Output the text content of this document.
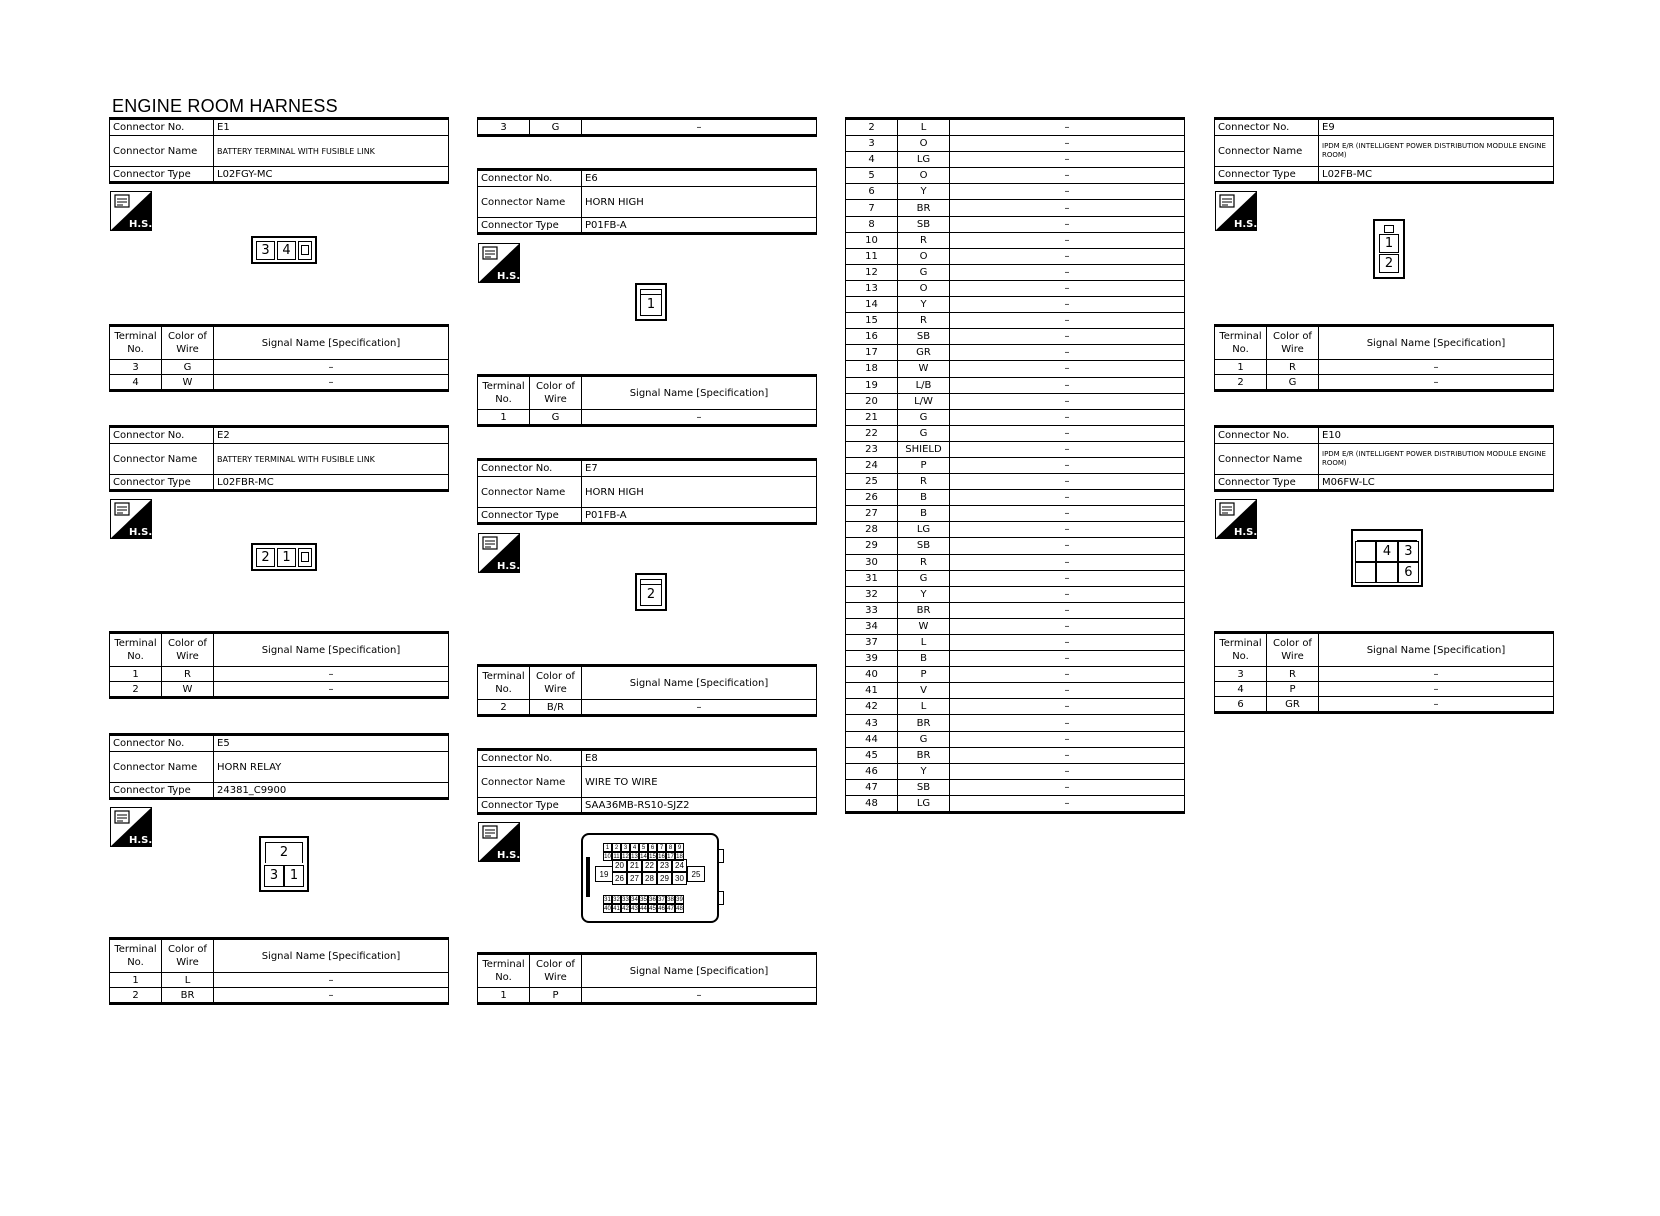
ENGINE ROOM HARNESS
Connector No.	E1
Connector Name	BATTERY TERMINAL WITH FUSIBLE LINK
Connector Type	L02FGY-MC
H.S.
3 4
Terminal No.	Color of Wire	Signal Name [Specification]
3	G	–
4	W	–
Connector No.	E2
Connector Name	BATTERY TERMINAL WITH FUSIBLE LINK
Connector Type	L02FBR-MC
H.S.
2 1
Terminal No.	Color of Wire	Signal Name [Specification]
1	R	–
2	W	–
Connector No.	E5
Connector Name	HORN RELAY
Connector Type	24381_C9900
H.S.
2
3 1
Terminal No.	Color of Wire	Signal Name [Specification]
1	L	–
2	BR	–
3	G	–
Connector No.	E6
Connector Name	HORN HIGH
Connector Type	P01FB-A
H.S.
1
Terminal No.	Color of Wire	Signal Name [Specification]
1	G	–
Connector No.	E7
Connector Name	HORN HIGH
Connector Type	P01FB-A
H.S.
2
Terminal No.	Color of Wire	Signal Name [Specification]
2	B/R	–
Connector No.	E8
Connector Name	WIRE TO WIRE
Connector Type	SAA36MB-RS10-SJZ2
H.S.
1 2 3 4 5 6 7 8 9
10 11 12 13 14 15 16 17 18
19
20 21 22 23 24
26 27 28 29 30 25
31 32 33 34 35 36 37 38 39
40 41 42 43 44 45 46 47 48
Terminal No.	Color of Wire	Signal Name [Specification]
1	P	–
2	L	–
3	O	–
4	LG	–
5	O	–
6	Y	–
7	BR	–
8	SB	–
10	R	–
11	O	–
12	G	–
13	O	–
14	Y	–
15	R	–
16	SB	–
17	GR	–
18	W	–
19	L/B	–
20	L/W	–
21	G	–
22	G	–
23	SHIELD	–
24	P	–
25	R	–
26	B	–
27	B	–
28	LG	–
29	SB	–
30	R	–
31	G	–
32	Y	–
33	BR	–
34	W	–
37	L	–
39	B	–
40	P	–
41	V	–
42	L	–
43	BR	–
44	G	–
45	BR	–
46	Y	–
47	SB	–
48	LG	–
Connector No.	E9
Connector Name	IPDM E/R (INTELLIGENT POWER DISTRIBUTION MODULE ENGINE ROOM)
Connector Type	L02FB-MC
H.S.
1
2
Terminal No.	Color of Wire	Signal Name [Specification]
1	R	–
2	G	–
Connector No.	E10
Connector Name	IPDM E/R (INTELLIGENT POWER DISTRIBUTION MODULE ENGINE ROOM)
Connector Type	M06FW-LC
H.S.
4	3
6
Terminal No.	Color of Wire	Signal Name [Specification]
3	R	–
4	P	–
6	GR	–
